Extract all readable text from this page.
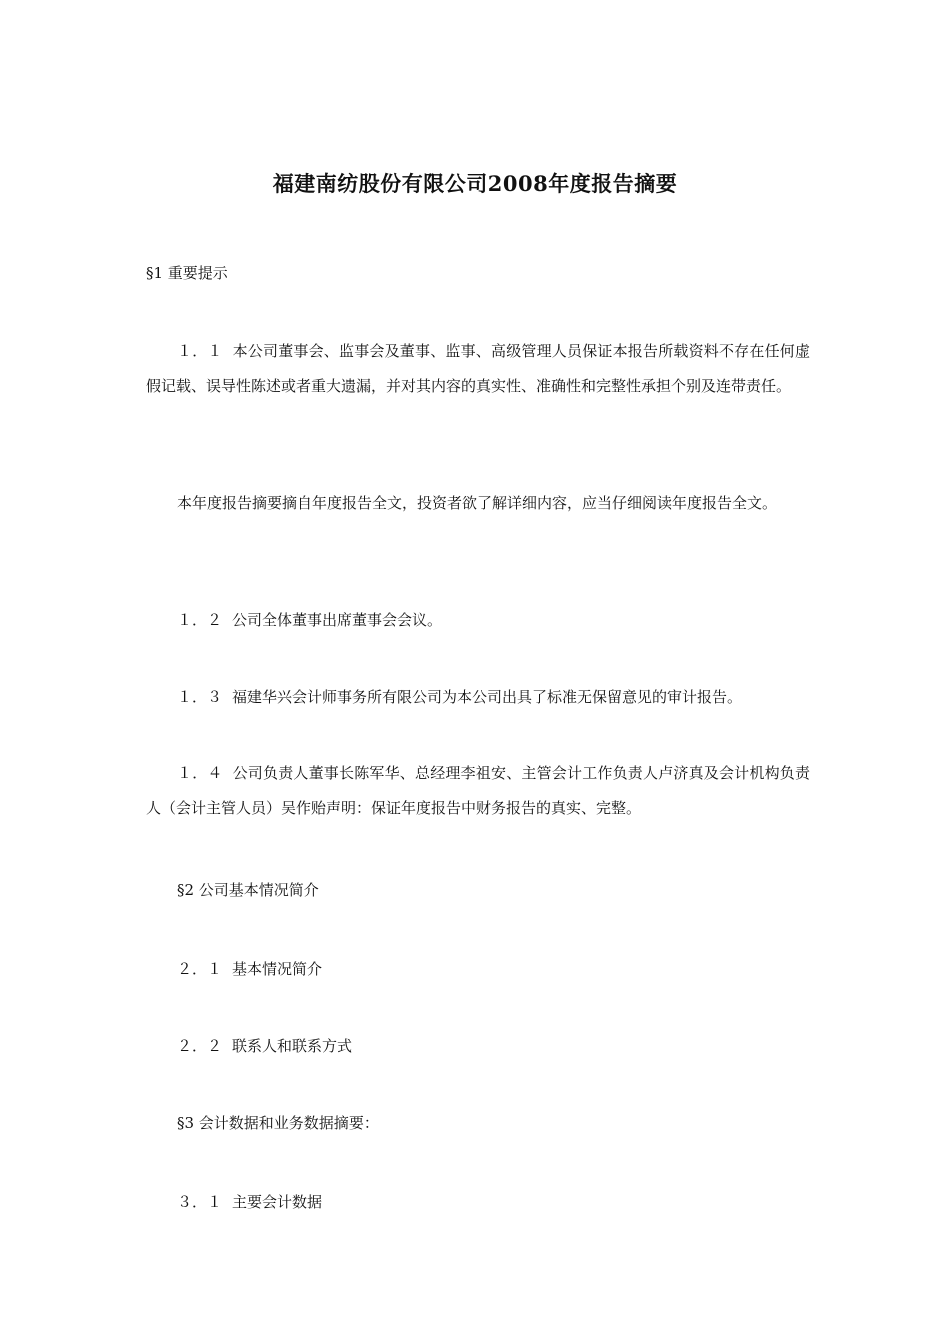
福建南纺股份有限公司2008年度报告摘要

§1 重要提示

１．１ 本公司董事会、监事会及董事、监事、高级管理人员保证本报告所载资料不存在任何虚假记载、误导性陈述或者重大遗漏，并对其内容的真实性、准确性和完整性承担个别及连带责任。

本年度报告摘要摘自年度报告全文，投资者欲了解详细内容，应当仔细阅读年度报告全文。

１．２ 公司全体董事出席董事会会议。

１．３ 福建华兴会计师事务所有限公司为本公司出具了标准无保留意见的审计报告。

１．４ 公司负责人董事长陈军华、总经理李祖安、主管会计工作负责人卢济真及会计机构负责人（会计主管人员）吴作贻声明：保证年度报告中财务报告的真实、完整。

§2 公司基本情况简介

２．１ 基本情况简介

２．２ 联系人和联系方式

§3 会计数据和业务数据摘要：

３．１ 主要会计数据
